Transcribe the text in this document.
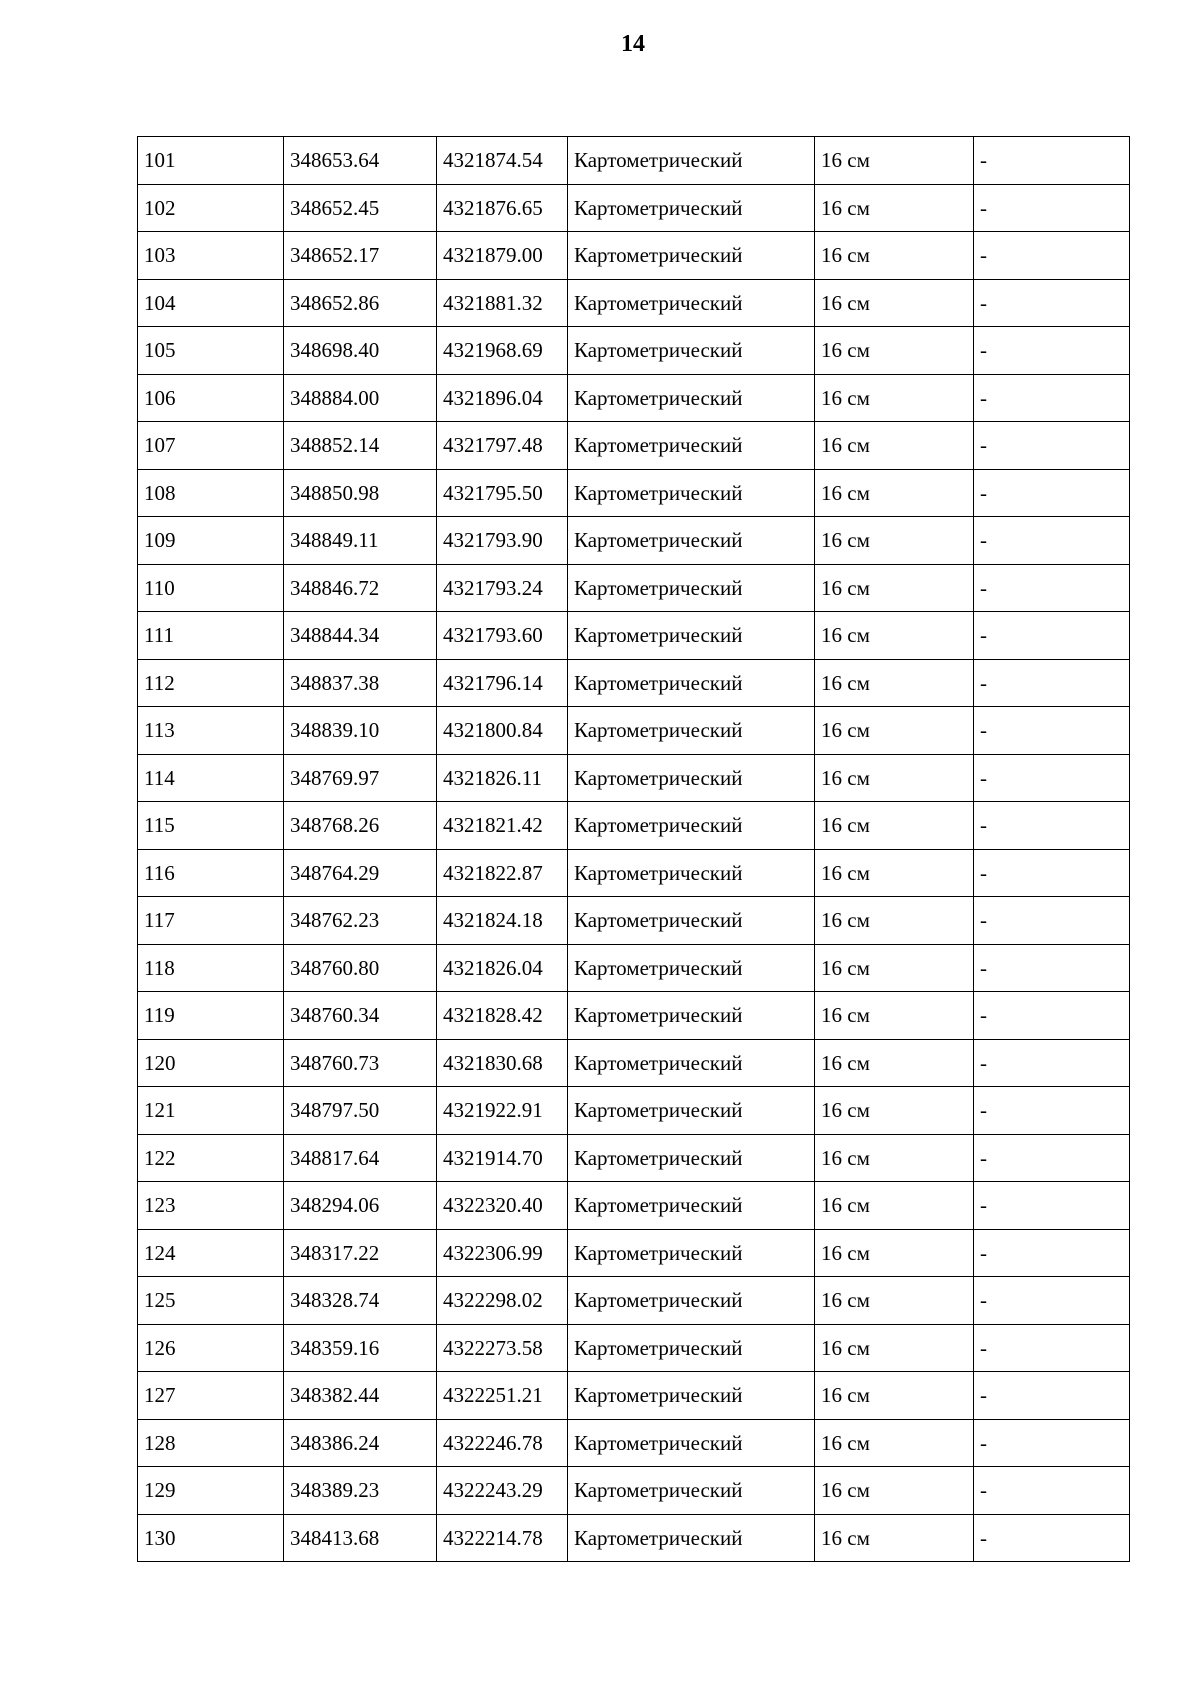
14
101	348653.64	4321874.54	Картометрический	16 см	-
102	348652.45	4321876.65	Картометрический	16 см	-
103	348652.17	4321879.00	Картометрический	16 см	-
104	348652.86	4321881.32	Картометрический	16 см	-
105	348698.40	4321968.69	Картометрический	16 см	-
106	348884.00	4321896.04	Картометрический	16 см	-
107	348852.14	4321797.48	Картометрический	16 см	-
108	348850.98	4321795.50	Картометрический	16 см	-
109	348849.11	4321793.90	Картометрический	16 см	-
110	348846.72	4321793.24	Картометрический	16 см	-
111	348844.34	4321793.60	Картометрический	16 см	-
112	348837.38	4321796.14	Картометрический	16 см	-
113	348839.10	4321800.84	Картометрический	16 см	-
114	348769.97	4321826.11	Картометрический	16 см	-
115	348768.26	4321821.42	Картометрический	16 см	-
116	348764.29	4321822.87	Картометрический	16 см	-
117	348762.23	4321824.18	Картометрический	16 см	-
118	348760.80	4321826.04	Картометрический	16 см	-
119	348760.34	4321828.42	Картометрический	16 см	-
120	348760.73	4321830.68	Картометрический	16 см	-
121	348797.50	4321922.91	Картометрический	16 см	-
122	348817.64	4321914.70	Картометрический	16 см	-
123	348294.06	4322320.40	Картометрический	16 см	-
124	348317.22	4322306.99	Картометрический	16 см	-
125	348328.74	4322298.02	Картометрический	16 см	-
126	348359.16	4322273.58	Картометрический	16 см	-
127	348382.44	4322251.21	Картометрический	16 см	-
128	348386.24	4322246.78	Картометрический	16 см	-
129	348389.23	4322243.29	Картометрический	16 см	-
130	348413.68	4322214.78	Картометрический	16 см	-
